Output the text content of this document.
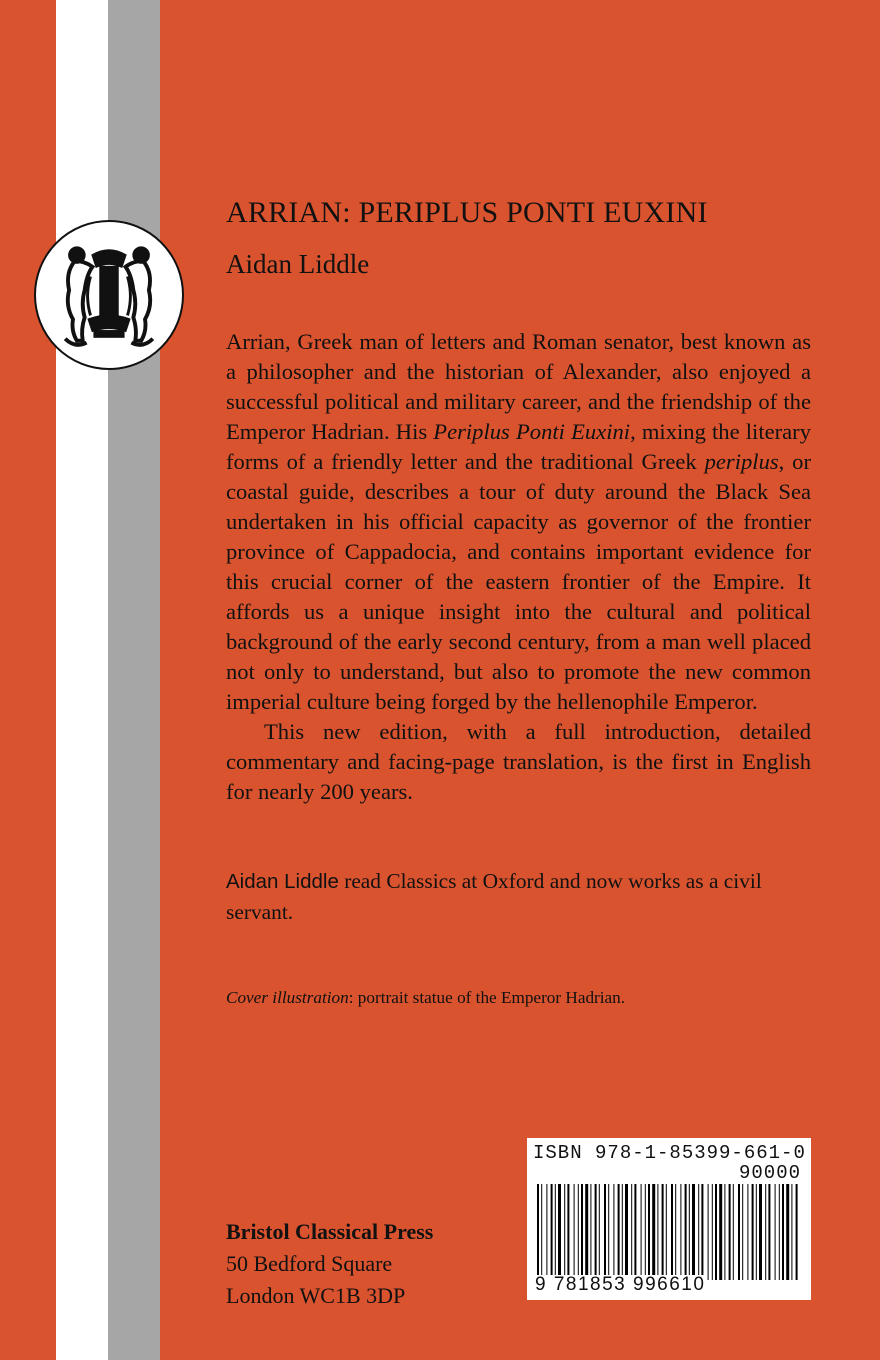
ARRIAN: PERIPLUS PONTI EUXINI
Aidan Liddle

Arrian, Greek man of letters and Roman senator, best known as a philosopher and the historian of Alexander, also enjoyed a successful political and military career, and the friendship of the Emperor Hadrian. His Periplus Ponti Euxini, mixing the literary forms of a friendly letter and the traditional Greek periplus, or coastal guide, describes a tour of duty around the Black Sea undertaken in his official capacity as governor of the frontier province of Cappadocia, and contains important evidence for this crucial corner of the eastern frontier of the Empire. It affords us a unique insight into the cultural and political background of the early second century, from a man well placed not only to understand, but also to promote the new common imperial culture being forged by the hellenophile Emperor.

This new edition, with a full introduction, detailed commentary and facing-page translation, is the first in English for nearly 200 years.

Aidan Liddle read Classics at Oxford and now works as a civil servant.
Cover illustration: portrait statue of the Emperor Hadrian.
Bristol Classical Press
50 Bedford Square
London WC1B 3DP
ISBN 978-1-85399-661-0
90000
9 781853 996610
